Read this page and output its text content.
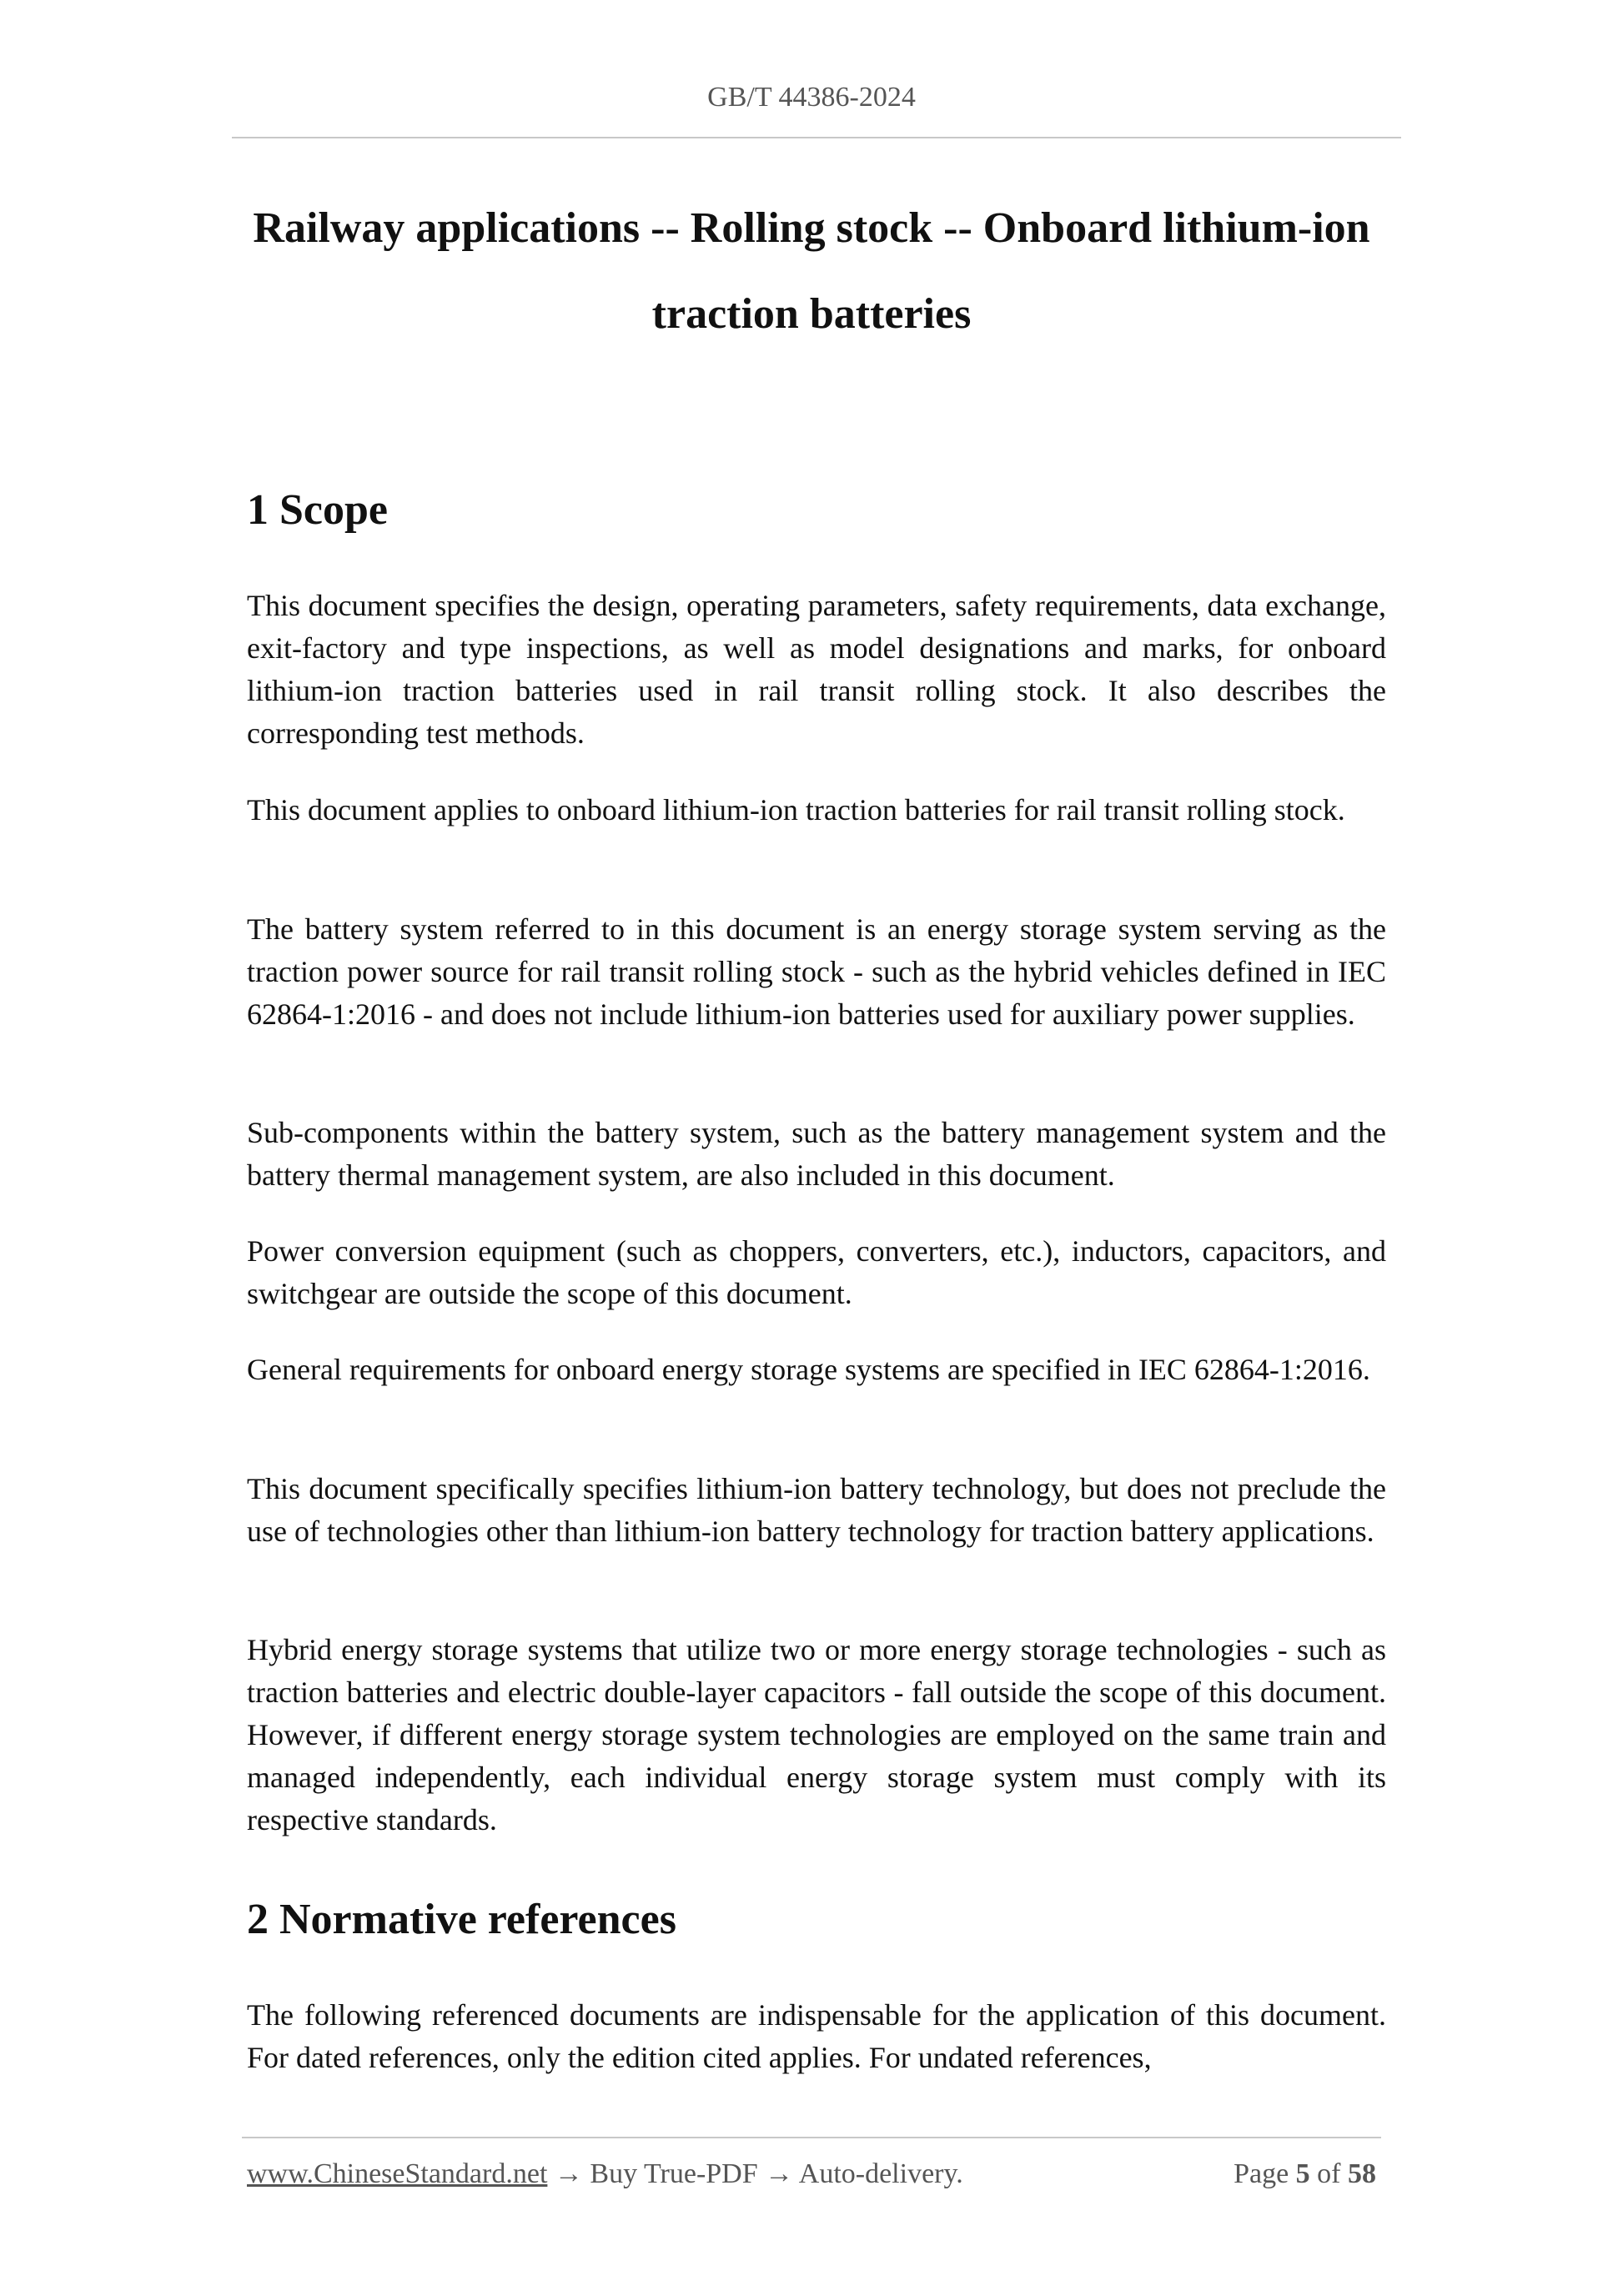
GB/T 44386-2024
Railway applications -- Rolling stock -- Onboard lithium-ion
traction batteries
1 Scope

This document specifies the design, operating parameters, safety requirements, data exchange, exit-factory and type inspections, as well as model designations and marks, for onboard lithium-ion traction batteries used in rail transit rolling stock. It also describes the corresponding test methods.

This document applies to onboard lithium-ion traction batteries for rail transit rolling stock.

The battery system referred to in this document is an energy storage system serving as the traction power source for rail transit rolling stock - such as the hybrid vehicles defined in IEC 62864-1:2016 - and does not include lithium-ion batteries used for auxiliary power supplies.

Sub-components within the battery system, such as the battery management system and the battery thermal management system, are also included in this document.

Power conversion equipment (such as choppers, converters, etc.), inductors, capacitors, and switchgear are outside the scope of this document.

General requirements for onboard energy storage systems are specified in IEC 62864-1:2016.

This document specifically specifies lithium-ion battery technology, but does not preclude the use of technologies other than lithium-ion battery technology for traction battery applications.

Hybrid energy storage systems that utilize two or more energy storage technologies - such as traction batteries and electric double-layer capacitors - fall outside the scope of this document. However, if different energy storage system technologies are employed on the same train and managed independently, each individual energy storage system must comply with its respective standards.

2 Normative references

The following referenced documents are indispensable for the application of this document. For dated references, only the edition cited applies. For undated references,

www.ChineseStandard.net → Buy True-PDF → Auto-delivery.	Page 5 of 58
